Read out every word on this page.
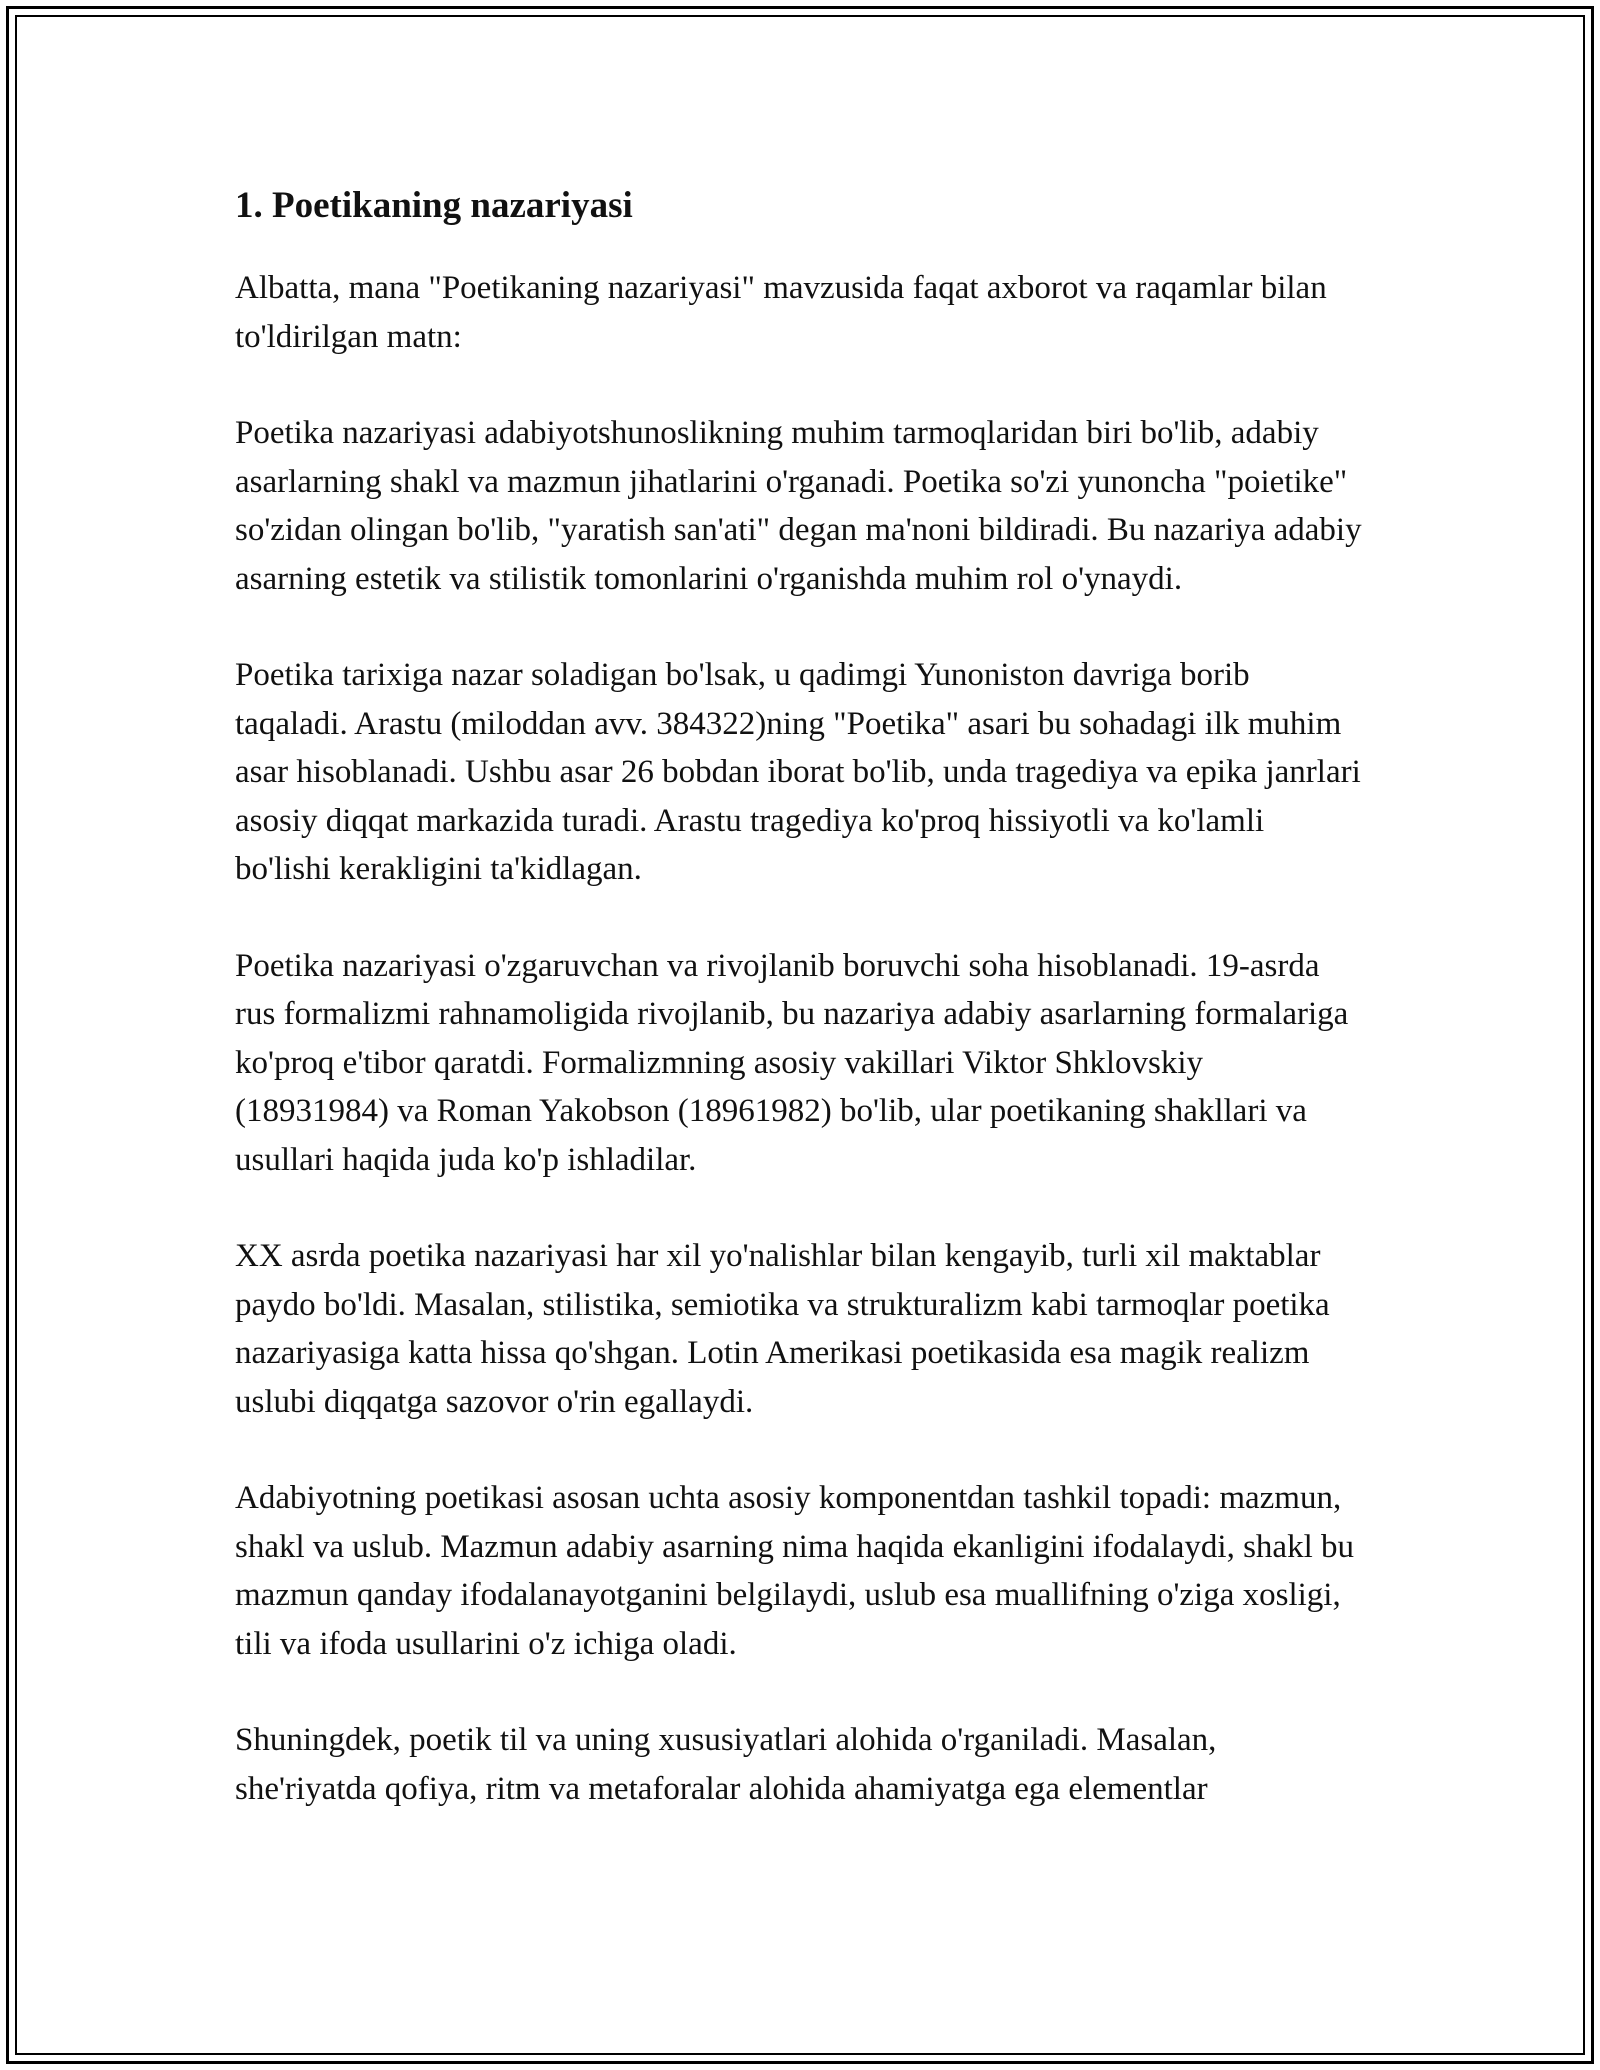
1. Poetikaning nazariyasi

Albatta, mana "Poetikaning nazariyasi" mavzusida faqat axborot va raqamlar bilan to'ldirilgan matn:

Poetika nazariyasi adabiyotshunoslikning muhim tarmoqlaridan biri bo'lib, adabiy asarlarning shakl va mazmun jihatlarini o'rganadi. Poetika so'zi yunoncha "poietike" so'zidan olingan bo'lib, "yaratish san'ati" degan ma'noni bildiradi. Bu nazariya adabiy asarning estetik va stilistik tomonlarini o'rganishda muhim rol o'ynaydi.

Poetika tarixiga nazar soladigan bo'lsak, u qadimgi Yunoniston davriga borib taqaladi. Arastu (miloddan avv. 384322)ning "Poetika" asari bu sohadagi ilk muhim asar hisoblanadi. Ushbu asar 26 bobdan iborat bo'lib, unda tragediya va epika janrlari asosiy diqqat markazida turadi. Arastu tragediya ko'proq hissiyotli va ko'lamli bo'lishi kerakligini ta'kidlagan.

Poetika nazariyasi o'zgaruvchan va rivojlanib boruvchi soha hisoblanadi. 19-asrda rus formalizmi rahnamoligida rivojlanib, bu nazariya adabiy asarlarning formalariga ko'proq e'tibor qaratdi. Formalizmning asosiy vakillari Viktor Shklovskiy (18931984) va Roman Yakobson (18961982) bo'lib, ular poetikaning shakllari va usullari haqida juda ko'p ishladilar.

XX asrda poetika nazariyasi har xil yo'nalishlar bilan kengayib, turli xil maktablar paydo bo'ldi. Masalan, stilistika, semiotika va strukturalizm kabi tarmoqlar poetika nazariyasiga katta hissa qo'shgan. Lotin Amerikasi poetikasida esa magik realizm uslubi diqqatga sazovor o'rin egallaydi.

Adabiyotning poetikasi asosan uchta asosiy komponentdan tashkil topadi: mazmun, shakl va uslub. Mazmun adabiy asarning nima haqida ekanligini ifodalaydi, shakl bu mazmun qanday ifodalanayotganini belgilaydi, uslub esa muallifning o'ziga xosligi, tili va ifoda usullarini o'z ichiga oladi.

Shuningdek, poetik til va uning xususiyatlari alohida o'rganiladi. Masalan, she'riyatda qofiya, ritm va metaforalar alohida ahamiyatga ega elementlar
